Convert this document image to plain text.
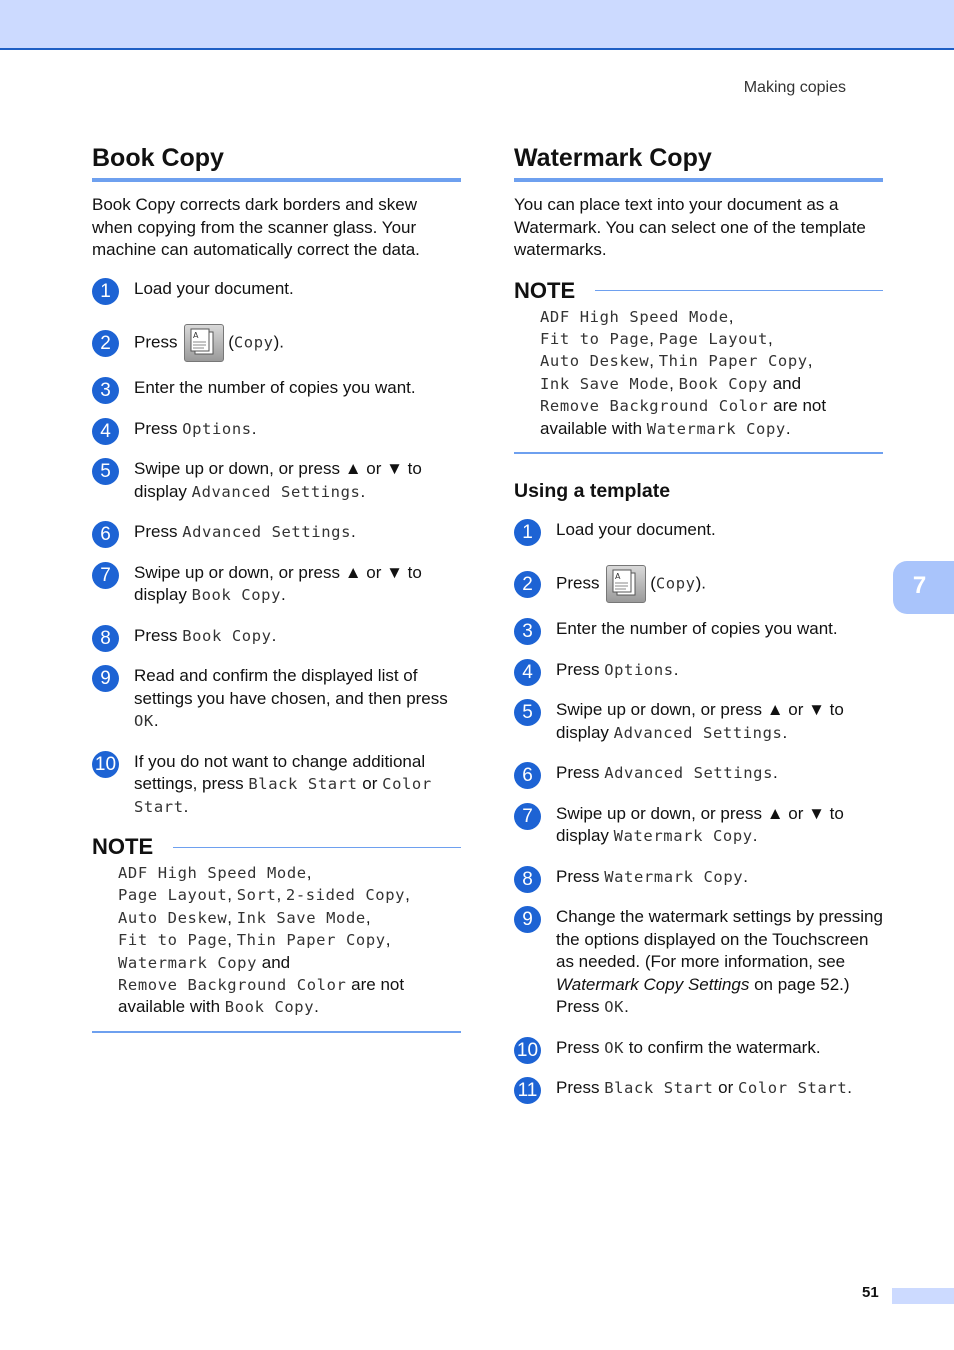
Making copies
Book Copy

Book Copy corrects dark borders and skew when copying from the scanner glass. Your machine can automatically correct the data.

1	Load your document.
2	Press A (Copy).
3	Enter the number of copies you want.
4	Press Options.
5	Swipe up or down, or press ▲ or ▼ to display Advanced Settings.
6	Press Advanced Settings.
7	Swipe up or down, or press ▲ or ▼ to display Book Copy.
8	Press Book Copy.
9	Read and confirm the displayed list of settings you have chosen, and then press OK.
10 If you do not want to change additional settings, press Black Start or Color Start.
NOTE
ADF High Speed Mode,
Page Layout, Sort, 2-sided Copy,
Auto Deskew, Ink Save Mode,
Fit to Page, Thin Paper Copy,
Watermark Copy and
Remove Background Color are not available with Book Copy.
Watermark Copy

You can place text into your document as a Watermark. You can select one of the template watermarks.

NOTE
ADF High Speed Mode,
Fit to Page, Page Layout,
Auto Deskew, Thin Paper Copy,
Ink Save Mode, Book Copy and
Remove Background Color are not available with Watermark Copy.
Using a template
1	Load your document.
2	Press A (Copy).
3	Enter the number of copies you want.
4	Press Options.
5	Swipe up or down, or press ▲ or ▼ to display Advanced Settings.
6	Press Advanced Settings.
7	Swipe up or down, or press ▲ or ▼ to display Watermark Copy.
8	Press Watermark Copy.
9	Change the watermark settings by pressing the options displayed on the Touchscreen as needed. (For more information, see Watermark Copy Settings on page 52.)
Press OK.
10 Press OK to confirm the watermark.
11 Press Black Start or Color Start.
7
51
